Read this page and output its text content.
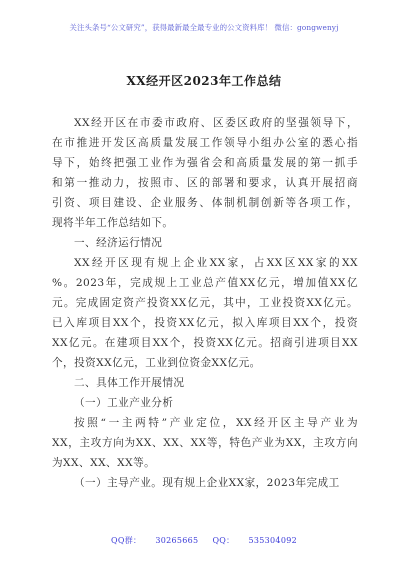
关注头条号“公文研究”，获得最新最全最专业的公文资料库！ 微信：gongwenyj
XX经开区2023年工作总结
XX经开区在市委市政府、区委区政府的坚强领导下，
在市推进开发区高质量发展工作领导小组办公室的悉心指
导下，始终把强工业作为强省会和高质量发展的第一抓手
和第一推动力，按照市、区的部署和要求，认真开展招商
引资、项目建设、企业服务、体制机制创新等各项工作，
现将半年工作总结如下。
一、经济运行情况
XX经开区现有规上企业XX家，占XX区XX家的XX
%。2023年，完成规上工业总产值XX亿元，增加值XX亿
元。完成固定资产投资XX亿元，其中，工业投资XX亿元。
已入库项目XX个，投资XX亿元，拟入库项目XX个，投资
XX亿元。在建项目XX个，投资XX亿元。招商引进项目XX
个，投资XX亿元，工业到位资金XX亿元。
二、具体工作开展情况
（一）工业产业分析
按照“一主两特”产业定位，XX经开区主导产业为
XX，主攻方向为XX、XX、XX等，特色产业为XX，主攻方向
为XX、XX、XX等。
（一）主导产业。现有规上企业XX家，2023年完成工
QQ群： 30265665 QQ： 535304092
